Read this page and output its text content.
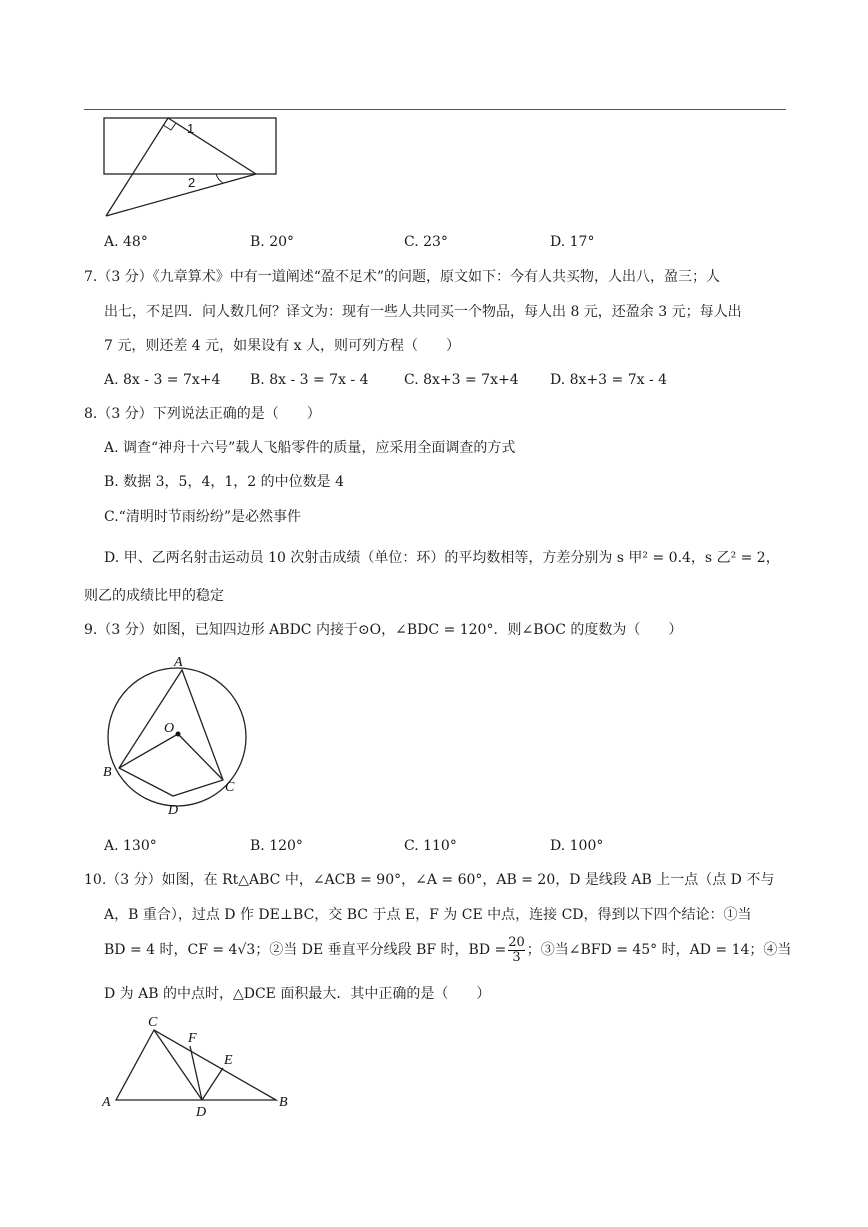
1
2
A. 48°	B. 20°	C. 23°	D. 17°
7.（3 分）《九章算术》中有一道阐述“盈不足术”的问题，原文如下：今有人共买物，人出八，盈三；人
出七，不足四．问人数几何？译文为：现有一些人共同买一个物品，每人出 8 元，还盈余 3 元；每人出
7 元，则还差 4 元，如果设有 x 人，则可列方程（　　）
A. 8x - 3 = 7x+4 B. 8x - 3 = 7x - 4	C. 8x+3 = 7x+4 D. 8x+3 = 7x - 4
8.（3 分）下列说法正确的是（　　）
A. 调查“神舟十六号”载人飞船零件的质量，应采用全面调查的方式
B. 数据 3，5，4，1，2 的中位数是 4
C.“清明时节雨纷纷”是必然事件
D. 甲、乙两名射击运动员 10 次射击成绩（单位：环）的平均数相等，方差分别为 s 甲² = 0.4，s 乙² = 2，
则乙的成绩比甲的稳定
9.（3 分）如图，已知四边形 ABDC 内接于⊙O，∠BDC = 120°．则∠BOC 的度数为（　　）
A
O
B
C
D
A. 130°	B. 120°	C. 110°	D. 100°
10.（3 分）如图，在 Rt△ABC 中，∠ACB = 90°，∠A = 60°，AB = 20，D 是线段 AB 上一点（点 D 不与
A，B 重合），过点 D 作 DE⊥BC，交 BC 于点 E，F 为 CE 中点，连接 CD，得到以下四个结论：①当
BD = 4 时，CF = 4√3；②当 DE 垂直平分线段 BF 时，BD = $\frac{20}{3}$ ；③当∠BFD = 45° 时，AD = 14；④当
D 为 AB 的中点时，△DCE 面积最大．其中正确的是（　　）
C
F
E
A
D
B
